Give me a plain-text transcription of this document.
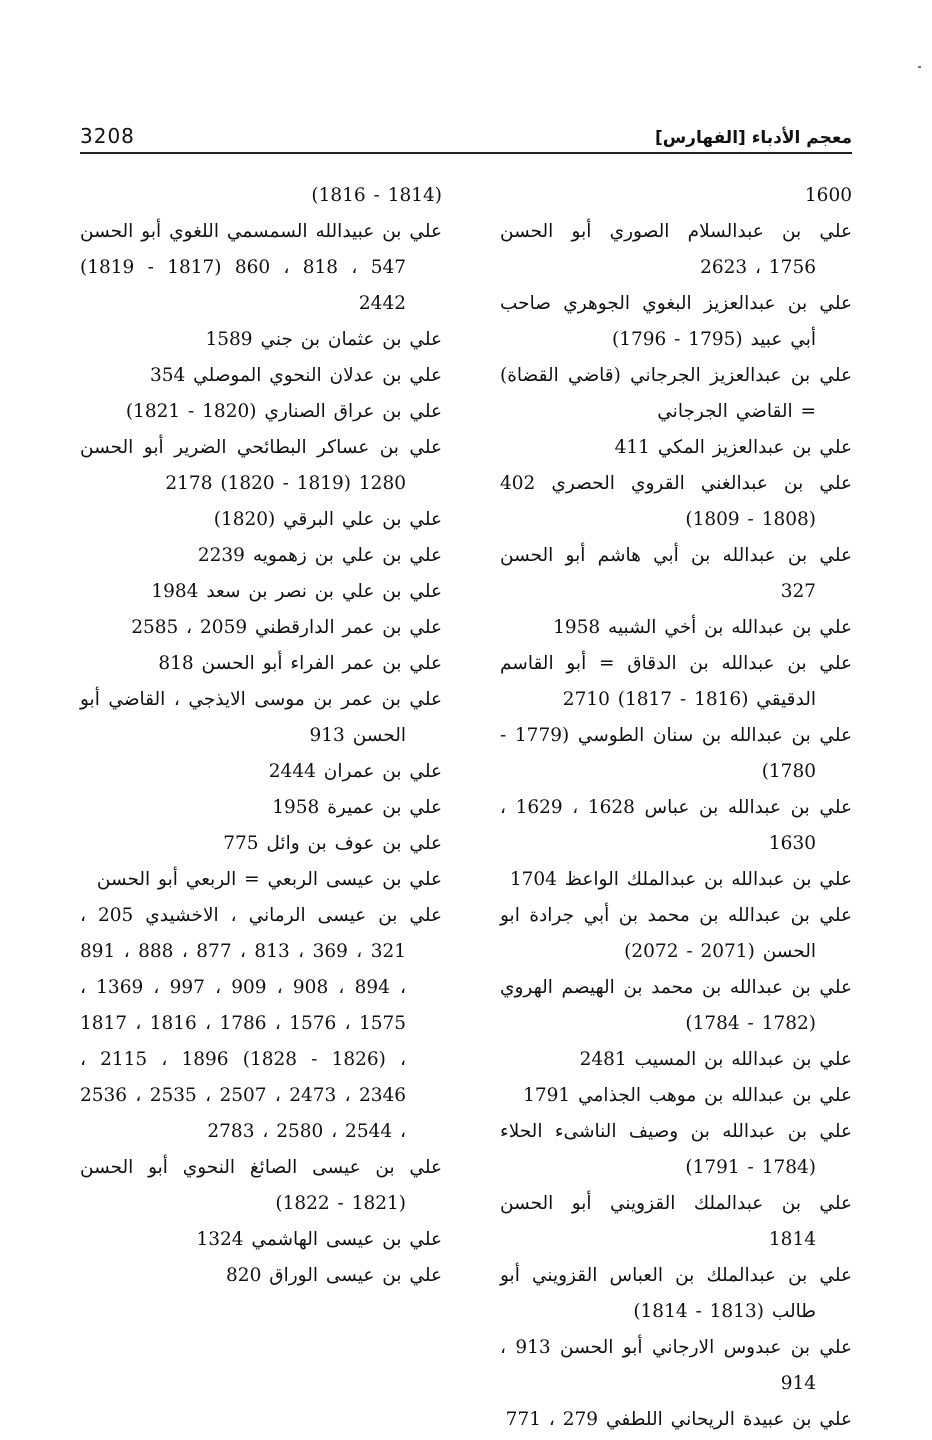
3208	معجم الأدباء [الفهارس]
1600
علي بن عبدالسلام الصوري أبو الحسن 1756 ، 2623
علي بن عبدالعزيز البغوي الجوهري صاحب أبي عبيد (1795 - 1796)
علي بن عبدالعزيز الجرجاني (قاضي القضاة) = القاضي الجرجاني
علي بن عبدالعزيز المكي 411
علي بن عبدالغني القروي الحصري 402 (1808 - 1809)
علي بن عبدالله بن أبي هاشم أبو الحسن 327
علي بن عبدالله بن أخي الشبيه 1958
علي بن عبدالله بن الدقاق = أبو القاسم الدقيقي (1816 - 1817) 2710
علي بن عبدالله بن سنان الطوسي (1779 - 1780)
علي بن عبدالله بن عباس 1628 ، 1629 ، 1630
علي بن عبدالله بن عبدالملك الواعظ 1704
علي بن عبدالله بن محمد بن أبي جرادة ابو الحسن (2071 - 2072)
علي بن عبدالله بن محمد بن الهيصم الهروي (1782 - 1784)
علي بن عبدالله بن المسيب 2481
علي بن عبدالله بن موهب الجذامي 1791
علي بن عبدالله بن وصيف الناشىء الحلاء (1784 - 1791)
علي بن عبدالملك القزويني أبو الحسن 1814
علي بن عبدالملك بن العباس القزويني أبو طالب (1813 - 1814)
علي بن عبدوس الارجاني أبو الحسن 913 ، 914
علي بن عبيدة الريحاني اللطفي 279 ، 771
(1814 - 1816)
علي بن عبيدالله السمسمي اللغوي أبو الحسن 547 ، 818 ، 860 (1817 - 1819) 2442
علي بن عثمان بن جني 1589
علي بن عدلان النحوي الموصلي 354
علي بن عراق الصناري (1820 - 1821)
علي بن عساكر البطائحي الضرير أبو الحسن 1280 (1819 - 1820) 2178
علي بن علي البرقي (1820)
علي بن علي بن زهمويه 2239
علي بن علي بن نصر بن سعد 1984
علي بن عمر الدارقطني 2059 ، 2585
علي بن عمر الفراء أبو الحسن 818
علي بن عمر بن موسى الايذجي ، القاضي أبو الحسن 913
علي بن عمران 2444
علي بن عميرة 1958
علي بن عوف بن وائل 775
علي بن عيسى الربعي = الربعي أبو الحسن
علي بن عيسى الرماني ، الاخشيدي 205 ، 321 ، 369 ، 813 ، 877 ، 888 ، 891 ، 894 ، 908 ، 909 ، 997 ، 1369 ، 1575 ، 1576 ، 1786 ، 1816 ، 1817 ، (1826 - 1828) 1896 ، 2115 ، 2346 ، 2473 ، 2507 ، 2535 ، 2536 ، 2544 ، 2580 ، 2783
علي بن عيسى الصائغ النحوي أبو الحسن (1821 - 1822)
علي بن عيسى الهاشمي 1324
علي بن عيسى الوراق 820
